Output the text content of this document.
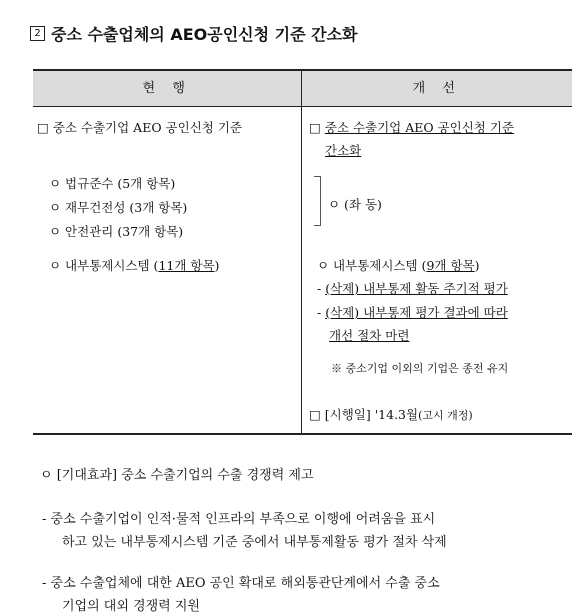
2 중소 수출업체의 AEO공인신청 기준 간소화
현 행	개 선
□ 중소 수출기업 AEO 공인신청 기준
ㅇ 법규준수 (5개 항목)
ㅇ 재무건전성 (3개 항목)
ㅇ 안전관리 (37개 항목)
ㅇ 내부통제시스템 (11개 항목)
□ 중소 수출기업 AEO 공인신청 기준
간소화
ㅇ (좌 동)
ㅇ 내부통제시스템 (9개 항목)
- (삭제) 내부통제 활동 주기적 평가
- (삭제) 내부통제 평가 결과에 따라
개선 절차 마련
※ 중소기업 이외의 기업은 종전 유지
□ [시행일] '14.3월(고시 개정)
ㅇ [기대효과] 중소 수출기업의 수출 경쟁력 제고
- 중소 수출기업이 인적·물적 인프라의 부족으로 이행에 어려움을 표시
하고 있는 내부통제시스템 기준 중에서 내부통제활동 평가 절차 삭제
- 중소 수출업체에 대한 AEO 공인 확대로 해외통관단계에서 수출 중소
기업의 대외 경쟁력 지원
